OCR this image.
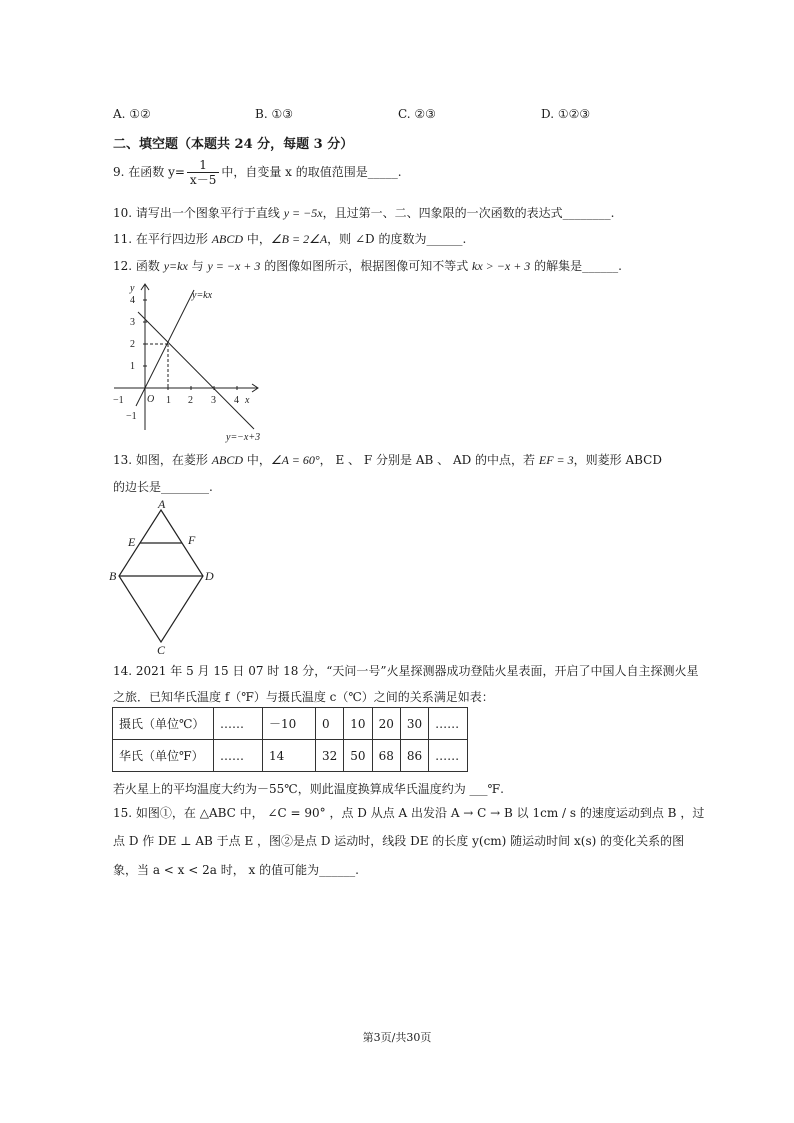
A. ①②	B. ①③	C. ②③	D. ①②③
二、填空题（本题共 24 分，每题 3 分）
9. 在函数 $y= \frac{1}{x-5}$ 中，自变量 x 的取值范围是_____.
10. 请写出一个图象平行于直线 y = −5x，且过第一、二、四象限的一次函数的表达式________.
11. 在平行四边形 ABCD 中，∠B = 2∠A，则 ∠D 的度数为______.
12. 函数 y=kx 与 y = −x + 3 的图像如图所示，根据图像可知不等式 kx > −x + 3 的解集是______.
x
y
O
−1	1 2 3 4
4
3
2
1
−1
y=kx
y=−x+3
13. 如图，在菱形 ABCD 中，∠A = 60°， E 、 F 分别是 AB 、 AD 的中点，若 EF = 3，则菱形 ABCD
的边长是________.
A
E	F
B	D
C
14. 2021 年 5 月 15 日 07 时 18 分，“天问一号”火星探测器成功登陆火星表面，开启了中国人自主探测火星
之旅．已知华氏温度 f（℉）与摄氏温度 c（℃）之间的关系满足如表：
摄氏（单位℃）	……	－10	0	10	20	30	……
华氏（单位℉）	……	14	32	50	68	86	……
若火星上的平均温度大约为－55℃，则此温度换算成华氏温度约为 ___℉.
15. 如图①，在 △ABC 中， ∠C = 90° ，点 D 从点 A 出发沿 A → C → B 以 1cm / s 的速度运动到点 B ，过
点 D 作 DE ⊥ AB 于点 E ，图②是点 D 运动时，线段 DE 的长度 y(cm) 随运动时间 x(s) 的变化关系的图
象，当 a < x < 2a 时， x 的值可能为______.
第3页/共30页
